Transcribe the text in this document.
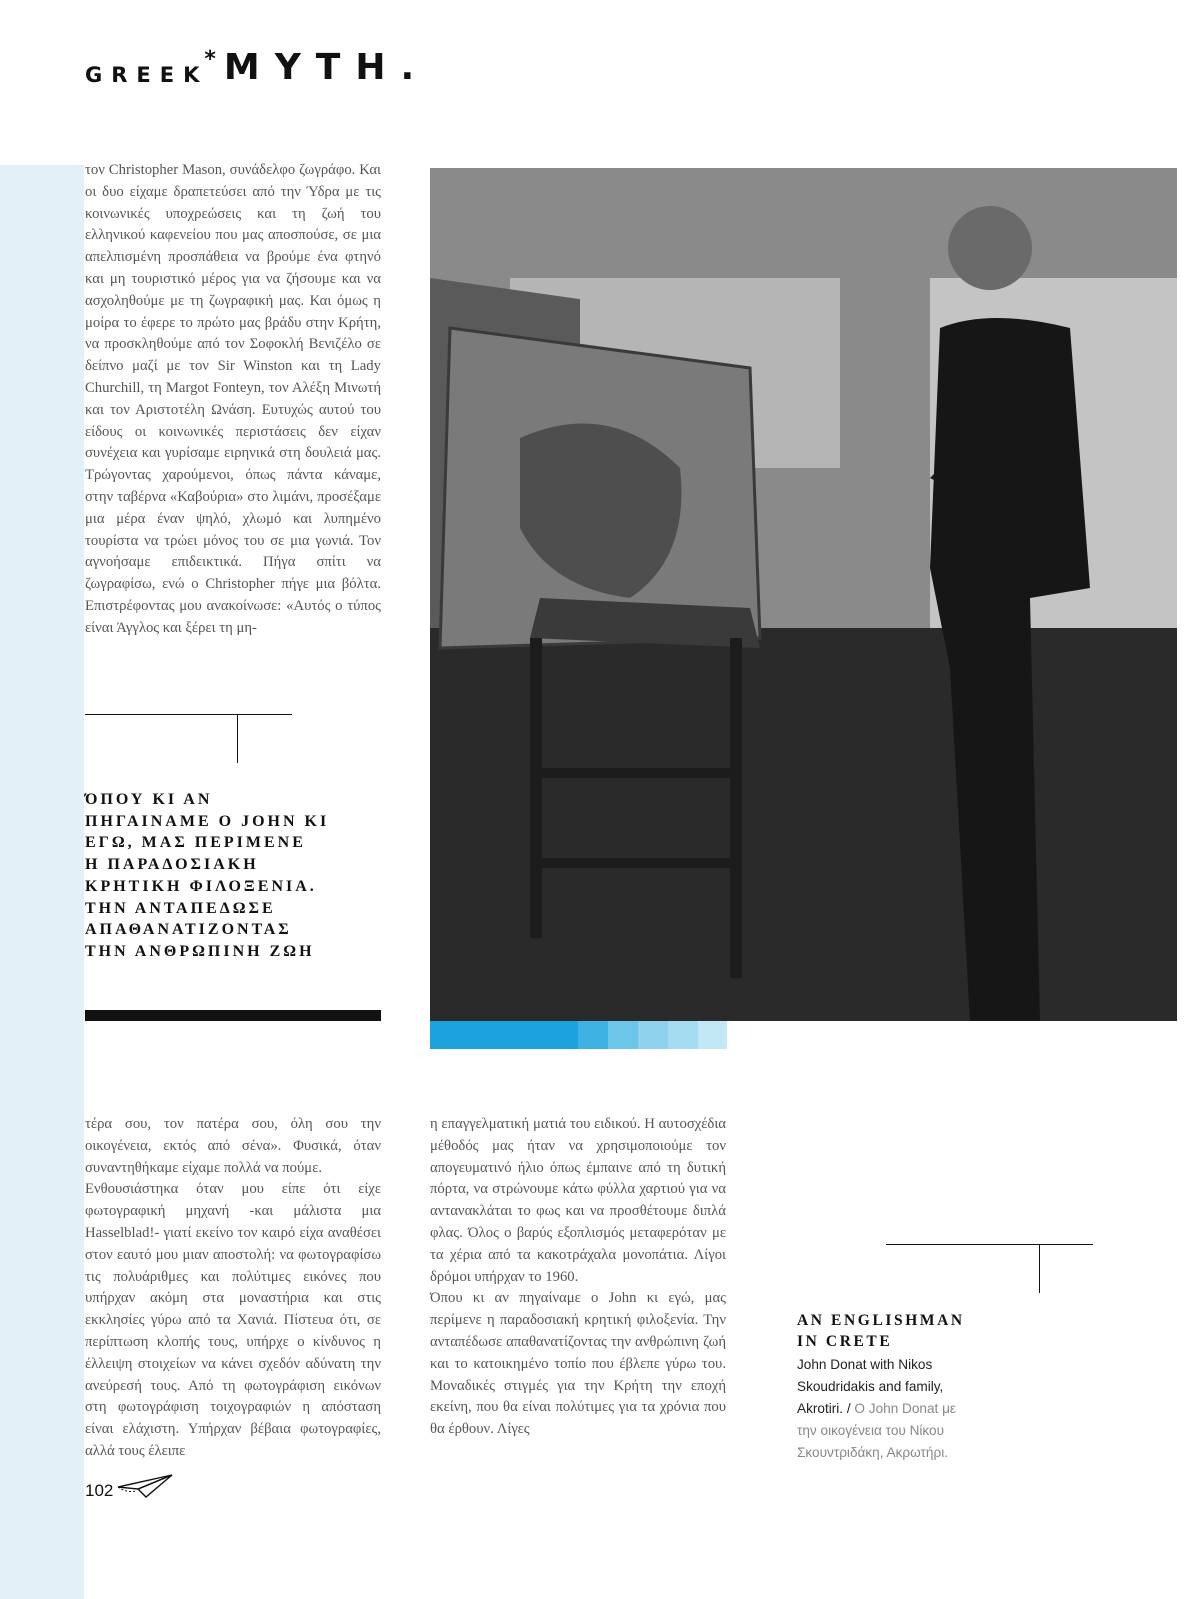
GREEK
* MYTH.

τον Christopher Mason, συνάδελφο ζωγράφο. Και οι δυο είχαμε δραπετεύσει από την Ύδρα με τις κοινωνικές υποχρεώσεις και τη ζωή του ελληνικού καφενείου που μας αποσπούσε, σε μια απελπισμένη προσπάθεια να βρούμε ένα φτηνό και μη τουριστικό μέρος για να ζήσουμε και να ασχοληθούμε με τη ζωγραφική μας. Και όμως η μοίρα το έφερε το πρώτο μας βράδυ στην Κρήτη, να προσκληθούμε από τον Σοφοκλή Βενιζέλο σε δείπνο μαζί με τον Sir Winston και τη Lady Churchill, τη Margot Fonteyn, τον Αλέξη Μινωτή και τον Αριστοτέλη Ωνάση. Ευτυχώς αυτού του είδους οι κοινωνικές περιστάσεις δεν είχαν συνέχεια και γυρίσαμε ειρηνικά στη δουλειά μας. Τρώγοντας χαρούμενοι, όπως πάντα κάναμε, στην ταβέρνα «Καβούρια» στο λιμάνι, προσέξαμε μια μέρα έναν ψηλό, χλωμό και λυπημένο τουρίστα να τρώει μόνος του σε μια γωνιά. Τον αγνοήσαμε επιδεικτικά. Πήγα σπίτι να ζωγραφίσω, ενώ ο Christopher πήγε μια βόλτα. Επιστρέφοντας μου ανακοίνωσε: «Αυτός ο τύπος είναι Άγγλος και ξέρει τη μη-

ΌΠΟΥ ΚΙ ΑΝ
ΠΗΓΑΙΝΑΜΕ Ο JOHN ΚΙ
ΕΓΩ, ΜΑΣ ΠΕΡΙΜΕΝΕ
Η ΠΑΡΑΔΟΣΙΑΚΗ
ΚΡΗΤΙΚΗ ΦΙΛΟΞΕΝΙΑ.
ΤΗΝ ΑΝΤΑΠΕΔΩΣΕ
ΑΠΑΘΑΝΑΤΙΖΟΝΤΑΣ
ΤΗΝ ΑΝΘΡΩΠΙΝΗ ΖΩΗ

τέρα σου, τον πατέρα σου, όλη σου την οικογένεια, εκτός από σένα». Φυσικά, όταν συναντηθήκαμε είχαμε πολλά να πούμε.

Ενθουσιάστηκα όταν μου είπε ότι είχε φωτογραφική μηχανή -και μάλιστα μια Hasselblad!- γιατί εκείνο τον καιρό είχα αναθέσει στον εαυτό μου μιαν αποστολή: να φωτογραφίσω τις πολυάριθμες και πολύτιμες εικόνες που υπήρχαν ακόμη στα μοναστήρια και στις εκκλησίες γύρω από τα Χανιά. Πίστευα ότι, σε περίπτωση κλοπής τους, υπήρχε ο κίνδυνος η έλλειψη στοιχείων να κάνει σχεδόν αδύνατη την ανεύρεσή τους. Από τη φωτογράφιση εικόνων στη φωτογράφιση τοιχογραφιών η απόσταση είναι ελάχιστη. Υπήρχαν βέβαια φωτογραφίες, αλλά τους έλειπε

η επαγγελματική ματιά του ειδικού. Η αυτοσχέδια μέθοδός μας ήταν να χρησιμοποιούμε τον απογευματινό ήλιο όπως έμπαινε από τη δυτική πόρτα, να στρώνουμε κάτω φύλλα χαρτιού για να αντανακλάται το φως και να προσθέτουμε διπλά φλας. Όλος ο βαρύς εξοπλισμός μεταφερόταν με τα χέρια από τα κακοτράχαλα μονοπάτια. Λίγοι δρόμοι υπήρχαν το 1960.

Όπου κι αν πηγαίναμε ο John κι εγώ, μας περίμενε η παραδοσιακή κρητική φιλοξενία. Την ανταπέδωσε απαθανατίζοντας την ανθρώπινη ζωή και το κατοικημένο τοπίο που έβλεπε γύρω του. Μοναδικές στιγμές για την Κρήτη την εποχή εκείνη, που θα είναι πολύτιμες για τα χρόνια που θα έρθουν. Λίγες

AN ENGLISHMAN
IN CRETE
John Donat with Nikos Skoudridakis and family, Akrotiri. / Ο John Donat με την οικογένεια του Νίκου Σκουντριδάκη, Ακρωτήρι.
102
